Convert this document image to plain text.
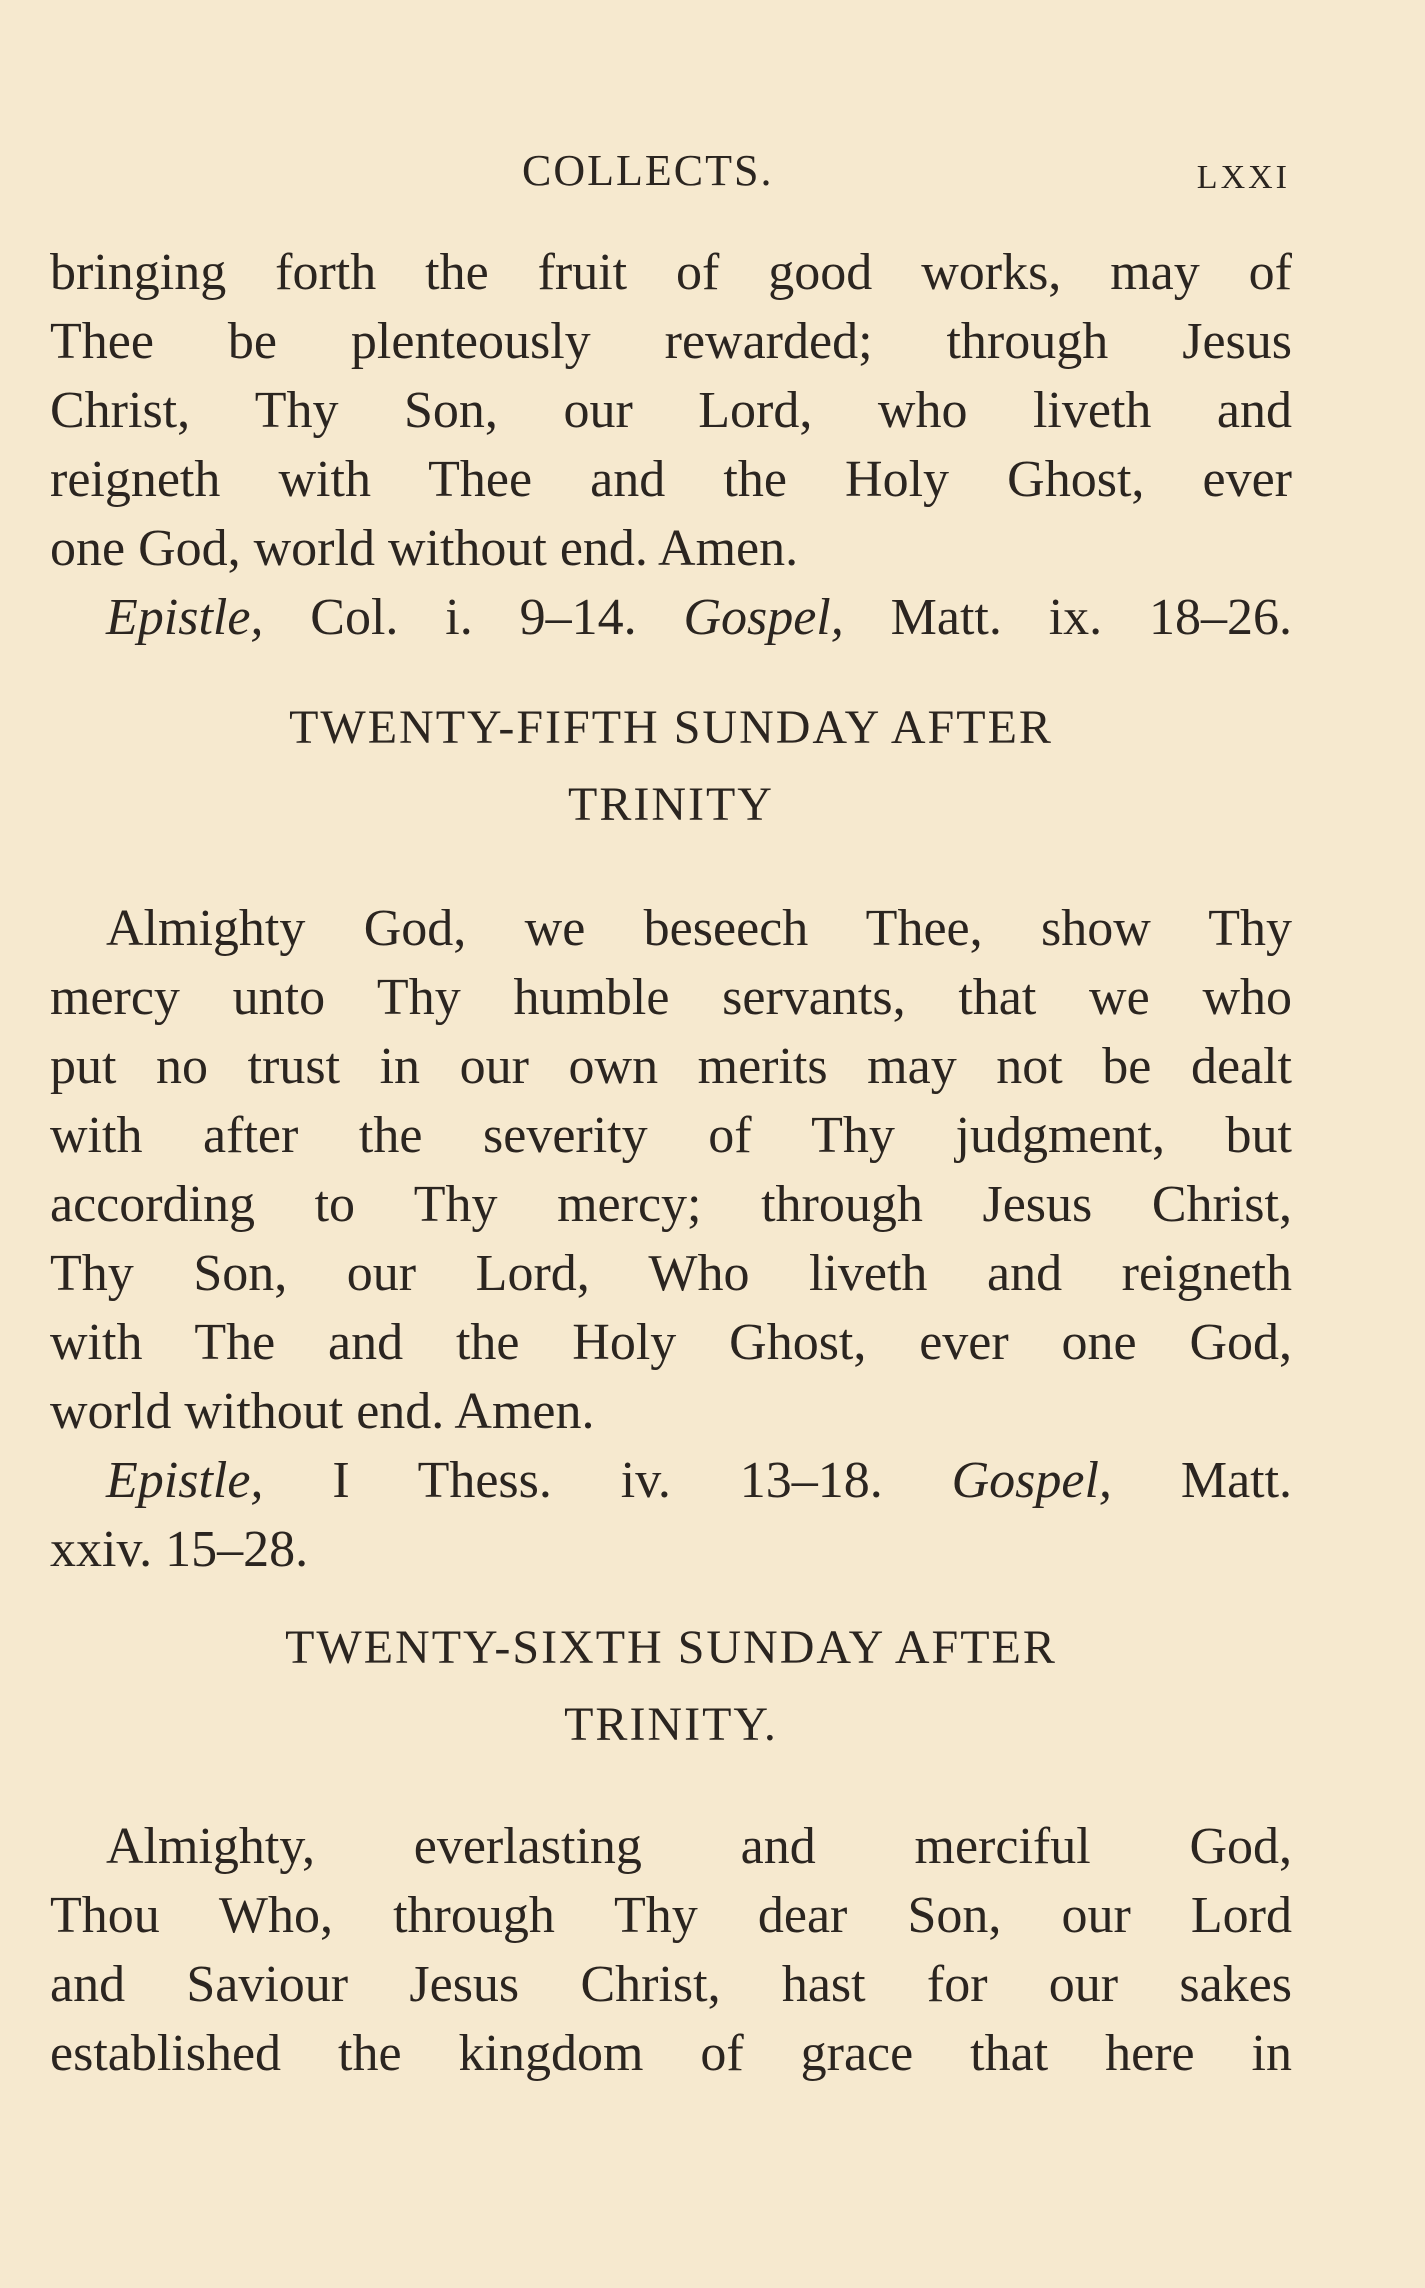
COLLECTS.	LXXI
bringing forth the fruit of good works, may of
Thee be plenteously rewarded; through Jesus
Christ, Thy Son, our Lord, who liveth and
reigneth with Thee and the Holy Ghost, ever
one God, world without end. Amen.
Epistle, Col. i. 9–14. Gospel, Matt. ix. 18–26.
TWENTY-FIFTH SUNDAY AFTER
TRINITY
Almighty God, we beseech Thee, show Thy
mercy unto Thy humble servants, that we who
put no trust in our own merits may not be dealt
with after the severity of Thy judgment, but
according to Thy mercy; through Jesus Christ,
Thy Son, our Lord, Who liveth and reigneth
with The and the Holy Ghost, ever one God,
world without end. Amen.
Epistle, I Thess. iv. 13–18. Gospel, Matt.
xxiv. 15–28.
TWENTY-SIXTH SUNDAY AFTER
TRINITY.
Almighty, everlasting and merciful God,
Thou Who, through Thy dear Son, our Lord
and Saviour Jesus Christ, hast for our sakes
established the kingdom of grace that here in
